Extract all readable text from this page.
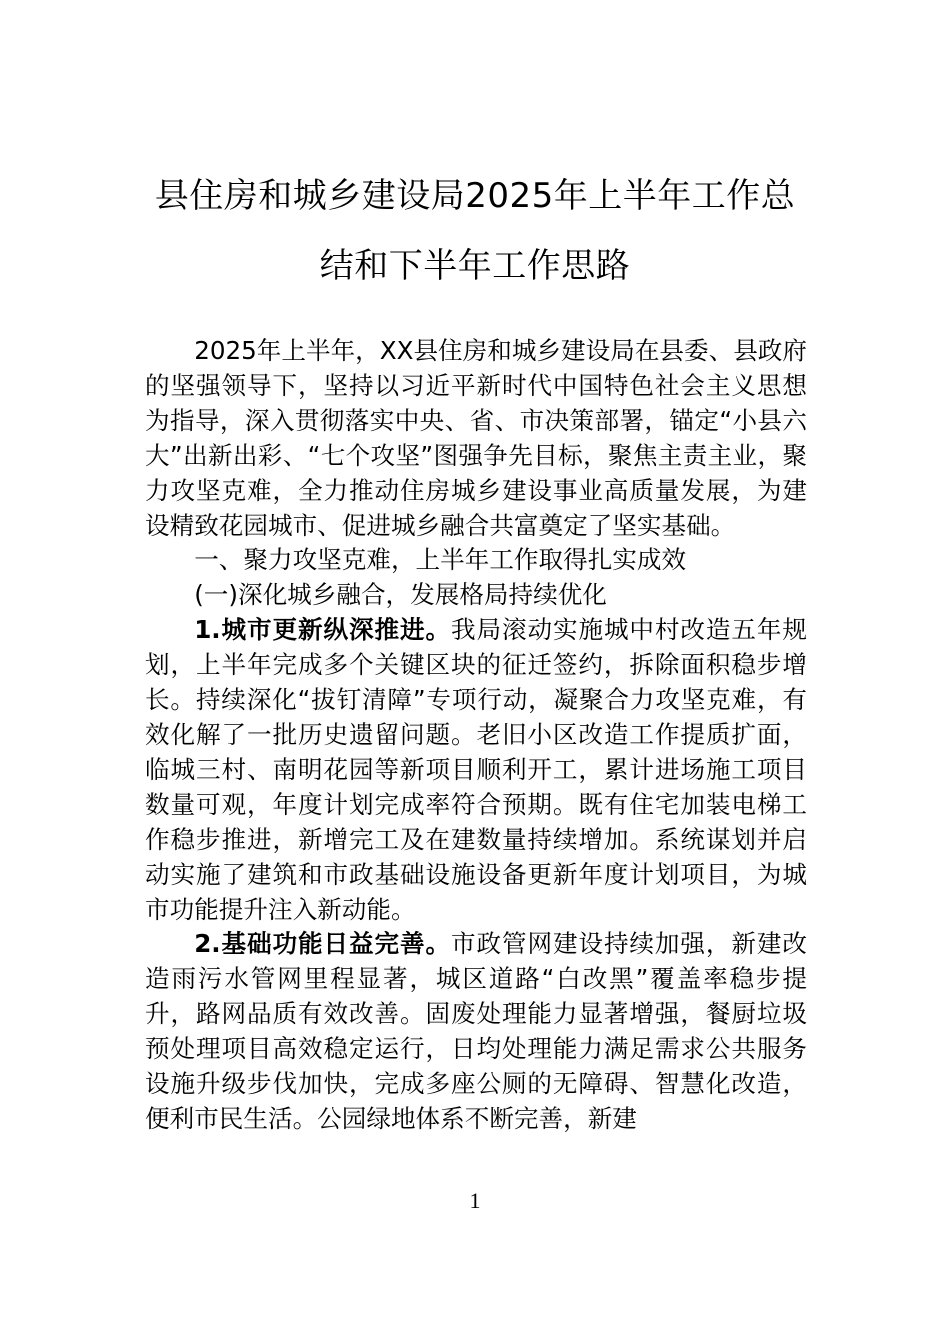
县住房和城乡建设局2025年上半年工作总
结和下半年工作思路

2025年上半年，XX县住房和城乡建设局在县委、县政府的坚强领导下，坚持以习近平新时代中国特色社会主义思想为指导，深入贯彻落实中央、省、市决策部署，锚定“小县六大”出新出彩、“七个攻坚”图强争先目标，聚焦主责主业，聚力攻坚克难，全力推动住房城乡建设事业高质量发展，为建设精致花园城市、促进城乡融合共富奠定了坚实基础。

一、聚力攻坚克难，上半年工作取得扎实成效

(一)深化城乡融合，发展格局持续优化

1.城市更新纵深推进。我局滚动实施城中村改造五年规划，上半年完成多个关键区块的征迁签约，拆除面积稳步增长。持续深化“拔钉清障”专项行动，凝聚合力攻坚克难，有效化解了一批历史遗留问题。老旧小区改造工作提质扩面，临城三村、南明花园等新项目顺利开工，累计进场施工项目数量可观，年度计划完成率符合预期。既有住宅加装电梯工作稳步推进，新增完工及在建数量持续增加。系统谋划并启动实施了建筑和市政基础设施设备更新年度计划项目，为城市功能提升注入新动能。

2.基础功能日益完善。市政管网建设持续加强，新建改造雨污水管网里程显著，城区道路“白改黑”覆盖率稳步提升，路网品质有效改善。固废处理能力显著增强，餐厨垃圾预处理项目高效稳定运行，日均处理能力满足需求公共服务设施升级步伐加快，完成多座公厕的无障碍、智慧化改造，便利市民生活。公园绿地体系不断完善，新建

1
